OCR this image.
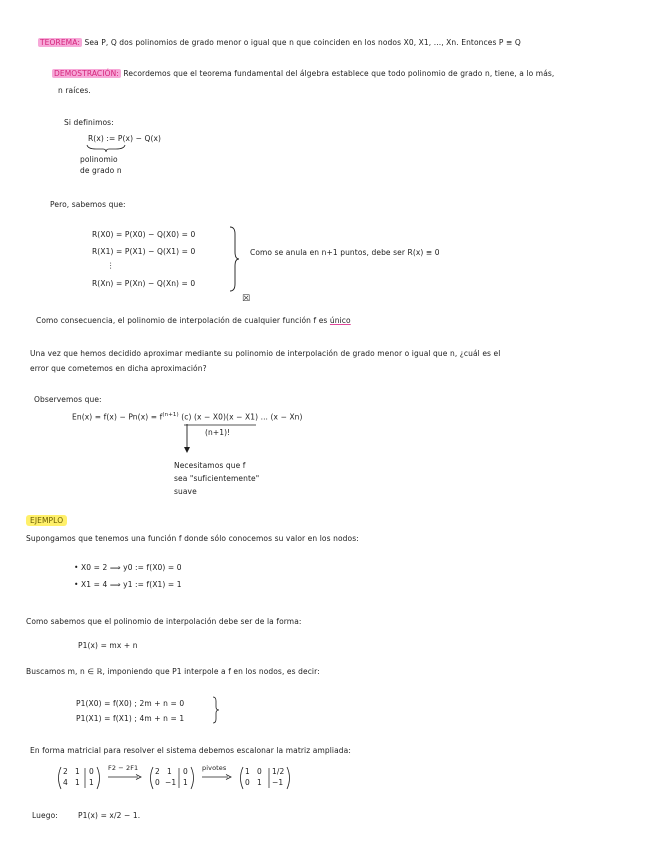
TEOREMA: Sea P, Q dos polinomios de grado menor o igual que n que coinciden en los nodos X0, X1, ..., Xn. Entonces P ≡ Q
DEMOSTRACIÓN: Recordemos que el teorema fundamental del álgebra establece que todo polinomio de grado n, tiene, a lo más,
n raíces.
Si definimos:
R(x) := P(x) − Q(x)
polinomio
de grado n
Pero, sabemos que:
R(X0) = P(X0) − Q(X0) = 0
R(X1) = P(X1) − Q(X1) = 0
⋮
R(Xn) = P(Xn) − Q(Xn) = 0
Como se anula en n+1 puntos, debe ser R(x) ≡ 0
☒
Como consecuencia, el polinomio de interpolación de cualquier función f es único
Una vez que hemos decidido aproximar mediante su polinomio de interpolación de grado menor o igual que n, ¿cuál es el
error que cometemos en dicha aproximación?
Observemos que:
$En(x) = f(x) - Pn(x) = f^{(n+1)}$ (c) (x − X0)(x − X1) ... (x − Xn)
(n+1)!
Necesitamos que f
sea "suficientemente"
suave
EJEMPLO
Supongamos que tenemos una función f donde sólo conocemos su valor en los nodos:
• X0 = 2 ⟹ y0 := f(X0) = 0
• X1 = 4 ⟹ y1 := f(X1) = 1
Como sabemos que el polinomio de interpolación debe ser de la forma:
P1(x) = mx + n
Buscamos m, n ∈ ℝ, imponiendo que P1 interpole a f en los nodos, es decir:
P1(X0) = f(X0) ; 2m + n = 0
P1(X1) = f(X1) ; 4m + n = 1
En forma matricial para resolver el sistema debemos escalonar la matriz ampliada:
2 1 0
4 1 1
F2 − 2F1 2 1 0
0 −1 1
pivotes 1 0 1/2
0 1 −1
Luego:	P1(x) = x/2 − 1.
